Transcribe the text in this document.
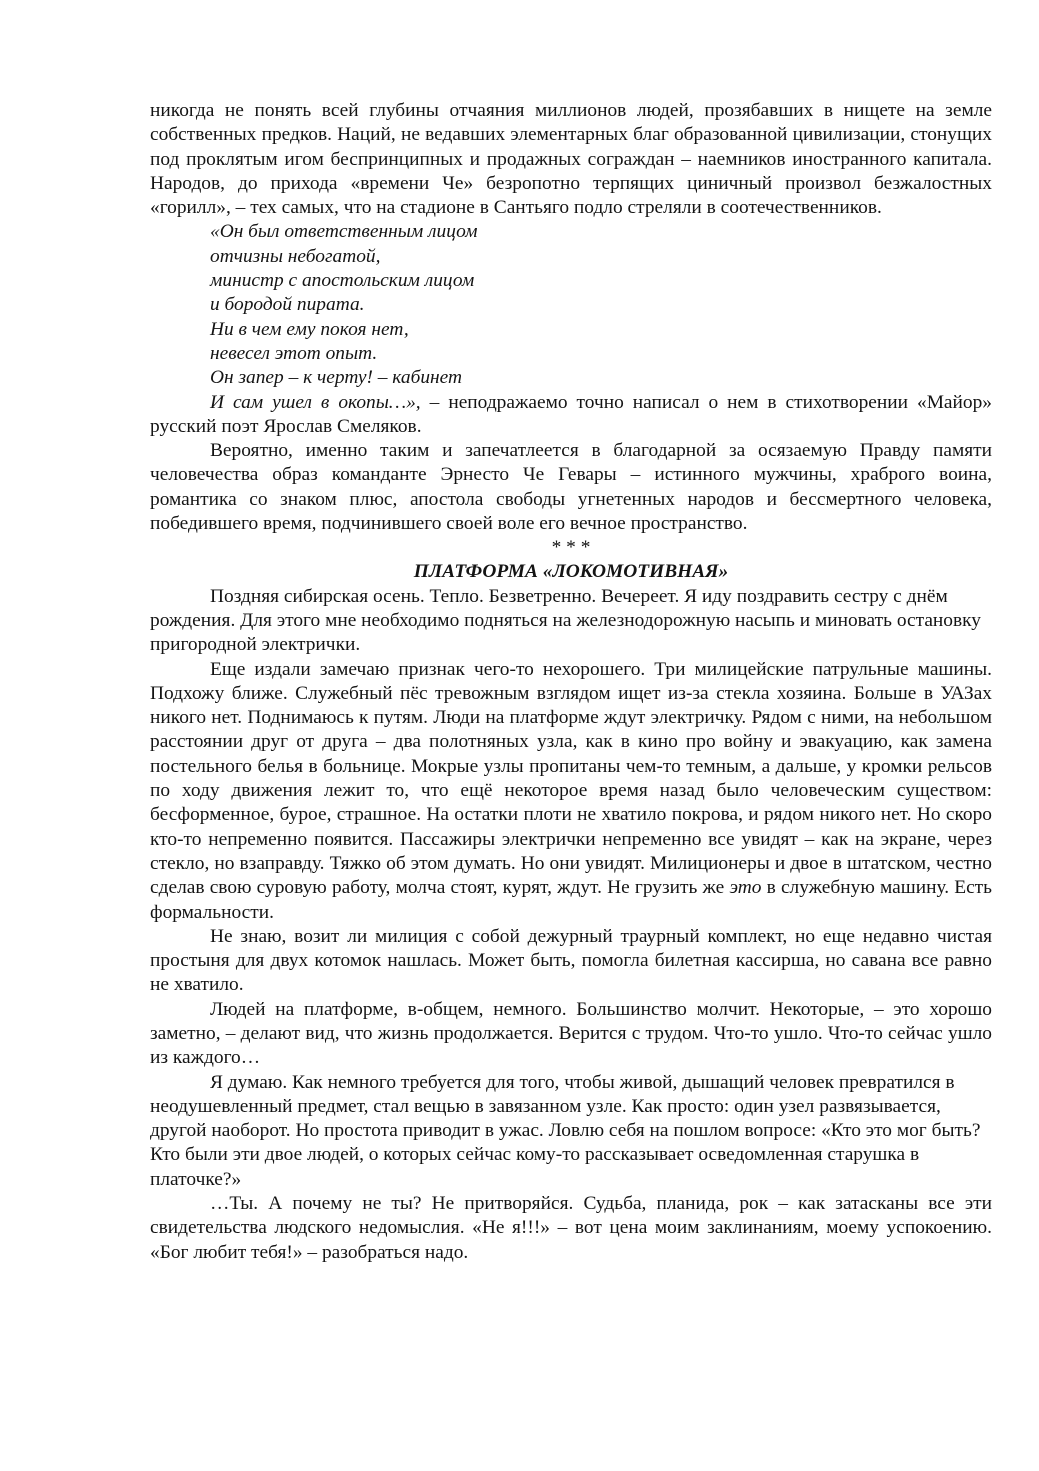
никогда не понять всей глубины отчаяния миллионов людей, прозябавших в нищете на земле собственных предков. Наций, не ведавших элементарных благ образованной цивилизации, стонущих под проклятым игом беспринципных и продажных сограждан – наемников иностранного капитала. Народов, до прихода «времени Че» безропотно терпящих циничный произвол безжалостных «горилл», – тех самых, что на стадионе в Сантьяго подло стреляли в соотечественников.

«Он был ответственным лицом
отчизны небогатой,
министр с апостольским лицом
и бородой пирата.
Ни в чем ему покоя нет,
невесел этот опыт.
Он запер – к черту! – кабинет

И сам ушел в окопы…», – неподражаемо точно написал о нем в стихотворении «Майор» русский поэт Ярослав Смеляков.

Вероятно, именно таким и запечатлеется в благодарной за осязаемую Правду памяти человечества образ команданте Эрнесто Че Гевары – истинного мужчины, храброго воина, романтика со знаком плюс, апостола свободы угнетенных народов и бессмертного человека, победившего время, подчинившего своей воле его вечное пространство.

* * *

ПЛАТФОРМА «ЛОКОМОТИВНАЯ»

Поздняя сибирская осень. Тепло. Безветренно. Вечереет. Я иду поздравить сестру с днём рождения. Для этого мне необходимо подняться на железнодорожную насыпь и миновать остановку пригородной электрички.

Еще издали замечаю признак чего-то нехорошего. Три милицейские патрульные машины. Подхожу ближе. Служебный пёс тревожным взглядом ищет из-за стекла хозяина. Больше в УАЗах никого нет. Поднимаюсь к путям. Люди на платформе ждут электричку. Рядом с ними, на небольшом расстоянии друг от друга – два полотняных узла, как в кино про войну и эвакуацию, как замена постельного белья в больнице. Мокрые узлы пропитаны чем-то темным, а дальше, у кромки рельсов по ходу движения лежит то, что ещё некоторое время назад было человеческим существом: бесформенное, бурое, страшное. На остатки плоти не хватило покрова, и рядом никого нет. Но скоро кто-то непременно появится. Пассажиры электрички непременно все увидят – как на экране, через стекло, но взаправду. Тяжко об этом думать. Но они увидят. Милиционеры и двое в штатском, честно сделав свою суровую работу, молча стоят, курят, ждут. Не грузить же это в служебную машину. Есть формальности.

Не знаю, возит ли милиция с собой дежурный траурный комплект, но еще недавно чистая простыня для двух котомок нашлась. Может быть, помогла билетная кассирша, но савана все равно не хватило.

Людей на платформе, в-общем, немного. Большинство молчит. Некоторые, – это хорошо заметно, – делают вид, что жизнь продолжается. Верится с трудом. Что-то ушло. Что-то сейчас ушло из каждого…

Я думаю. Как немного требуется для того, чтобы живой, дышащий человек превратился в неодушевленный предмет, стал вещью в завязанном узле. Как просто: один узел развязывается, другой наоборот. Но простота приводит в ужас. Ловлю себя на пошлом вопросе: «Кто это мог быть? Кто были эти двое людей, о которых сейчас кому-то рассказывает осведомленная старушка в платочке?»

…Ты. А почему не ты? Не притворяйся. Судьба, планида, рок – как затасканы все эти свидетельства людского недомыслия. «Не я!!!» – вот цена моим заклинаниям, моему успокоению. «Бог любит тебя!» – разобраться надо.
